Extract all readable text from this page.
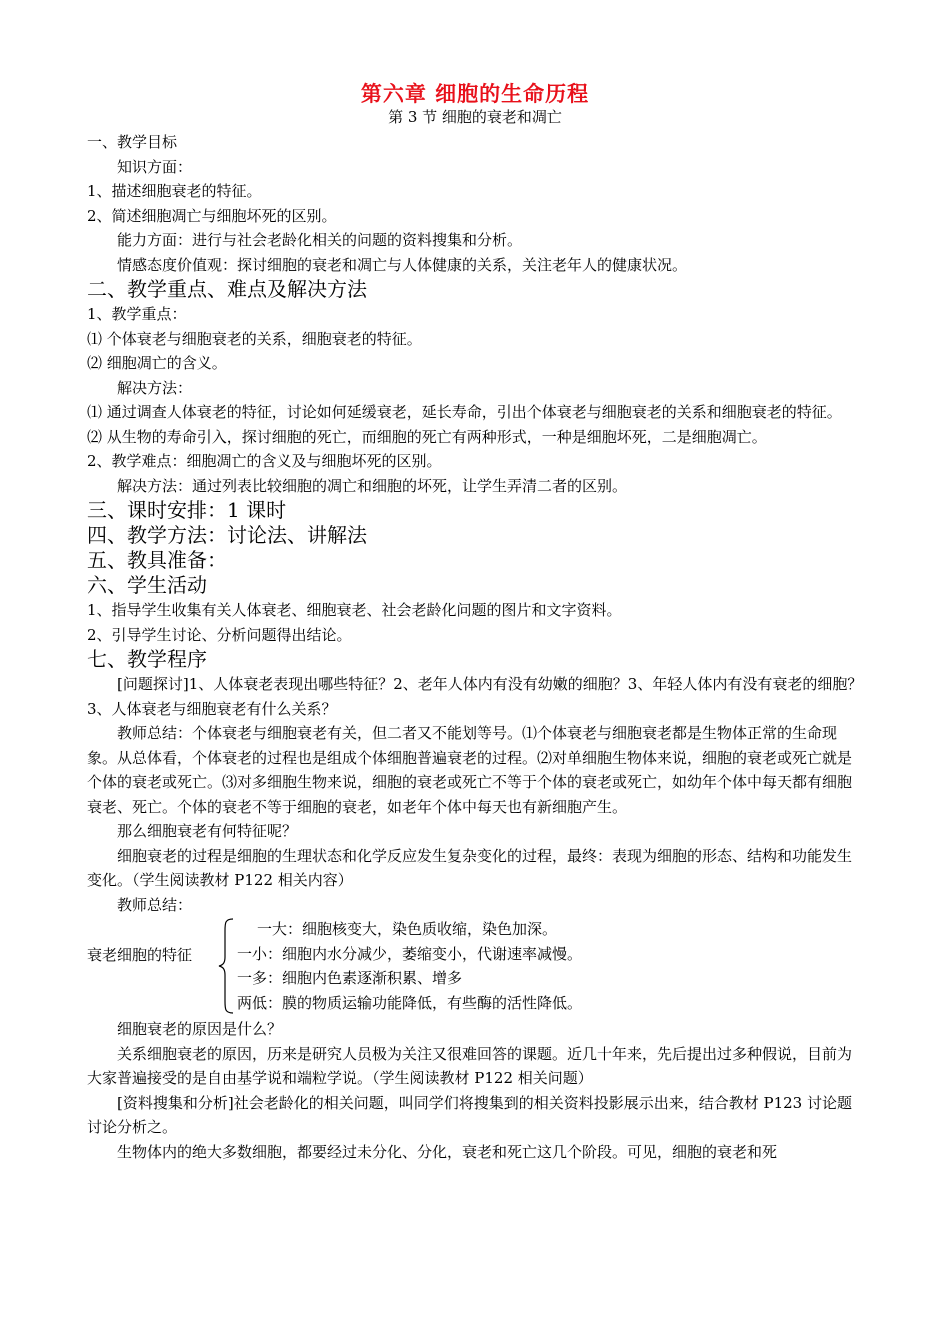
第六章 细胞的生命历程
第 3 节 细胞的衰老和凋亡

一、教学目标

知识方面：

1、描述细胞衰老的特征。

2、简述细胞凋亡与细胞坏死的区别。

能力方面：进行与社会老龄化相关的问题的资料搜集和分析。

情感态度价值观：探讨细胞的衰老和凋亡与人体健康的关系，关注老年人的健康状况。

二、教学重点、难点及解决方法

1、教学重点：

⑴ 个体衰老与细胞衰老的关系，细胞衰老的特征。

⑵ 细胞凋亡的含义。

解决方法：

⑴ 通过调查人体衰老的特征，讨论如何延缓衰老，延长寿命，引出个体衰老与细胞衰老的关系和细胞衰老的特征。

⑵ 从生物的寿命引入，探讨细胞的死亡，而细胞的死亡有两种形式，一种是细胞坏死，二是细胞凋亡。

2、教学难点：细胞凋亡的含义及与细胞坏死的区别。

解决方法：通过列表比较细胞的凋亡和细胞的坏死，让学生弄清二者的区别。

三、课时安排：1 课时

四、教学方法：讨论法、讲解法

五、教具准备：

六、学生活动

1、指导学生收集有关人体衰老、细胞衰老、社会老龄化问题的图片和文字资料。

2、引导学生讨论、分析问题得出结论。

七、教学程序

[问题探讨]1、人体衰老表现出哪些特征？2、老年人体内有没有幼嫩的细胞？3、年轻人体内有没有衰老的细胞？3、人体衰老与细胞衰老有什么关系？

教师总结：个体衰老与细胞衰老有关，但二者又不能划等号。⑴个体衰老与细胞衰老都是生物体正常的生命现象。从总体看，个体衰老的过程也是组成个体细胞普遍衰老的过程。⑵对单细胞生物体来说，细胞的衰老或死亡就是个体的衰老或死亡。⑶对多细胞生物来说，细胞的衰老或死亡不等于个体的衰老或死亡，如幼年个体中每天都有细胞衰老、死亡。个体的衰老不等于细胞的衰老，如老年个体中每天也有新细胞产生。

那么细胞衰老有何特征呢？

细胞衰老的过程是细胞的生理状态和化学反应发生复杂变化的过程，最终：表现为细胞的形态、结构和功能发生变化。（学生阅读教材 P122 相关内容）

教师总结：

衰老细胞的特征

一大：细胞核变大，染色质收缩，染色加深。

一小：细胞内水分减少，萎缩变小，代谢速率减慢。

一多：细胞内色素逐渐积累、增多

两低：膜的物质运输功能降低，有些酶的活性降低。

细胞衰老的原因是什么？

关系细胞衰老的原因，历来是研究人员极为关注又很难回答的课题。近几十年来，先后提出过多种假说，目前为大家普遍接受的是自由基学说和端粒学说。（学生阅读教材 P122 相关问题）

[资料搜集和分析]社会老龄化的相关问题，叫同学们将搜集到的相关资料投影展示出来，结合教材 P123 讨论题讨论分析之。

生物体内的绝大多数细胞，都要经过未分化、分化，衰老和死亡这几个阶段。可见，细胞的衰老和死
